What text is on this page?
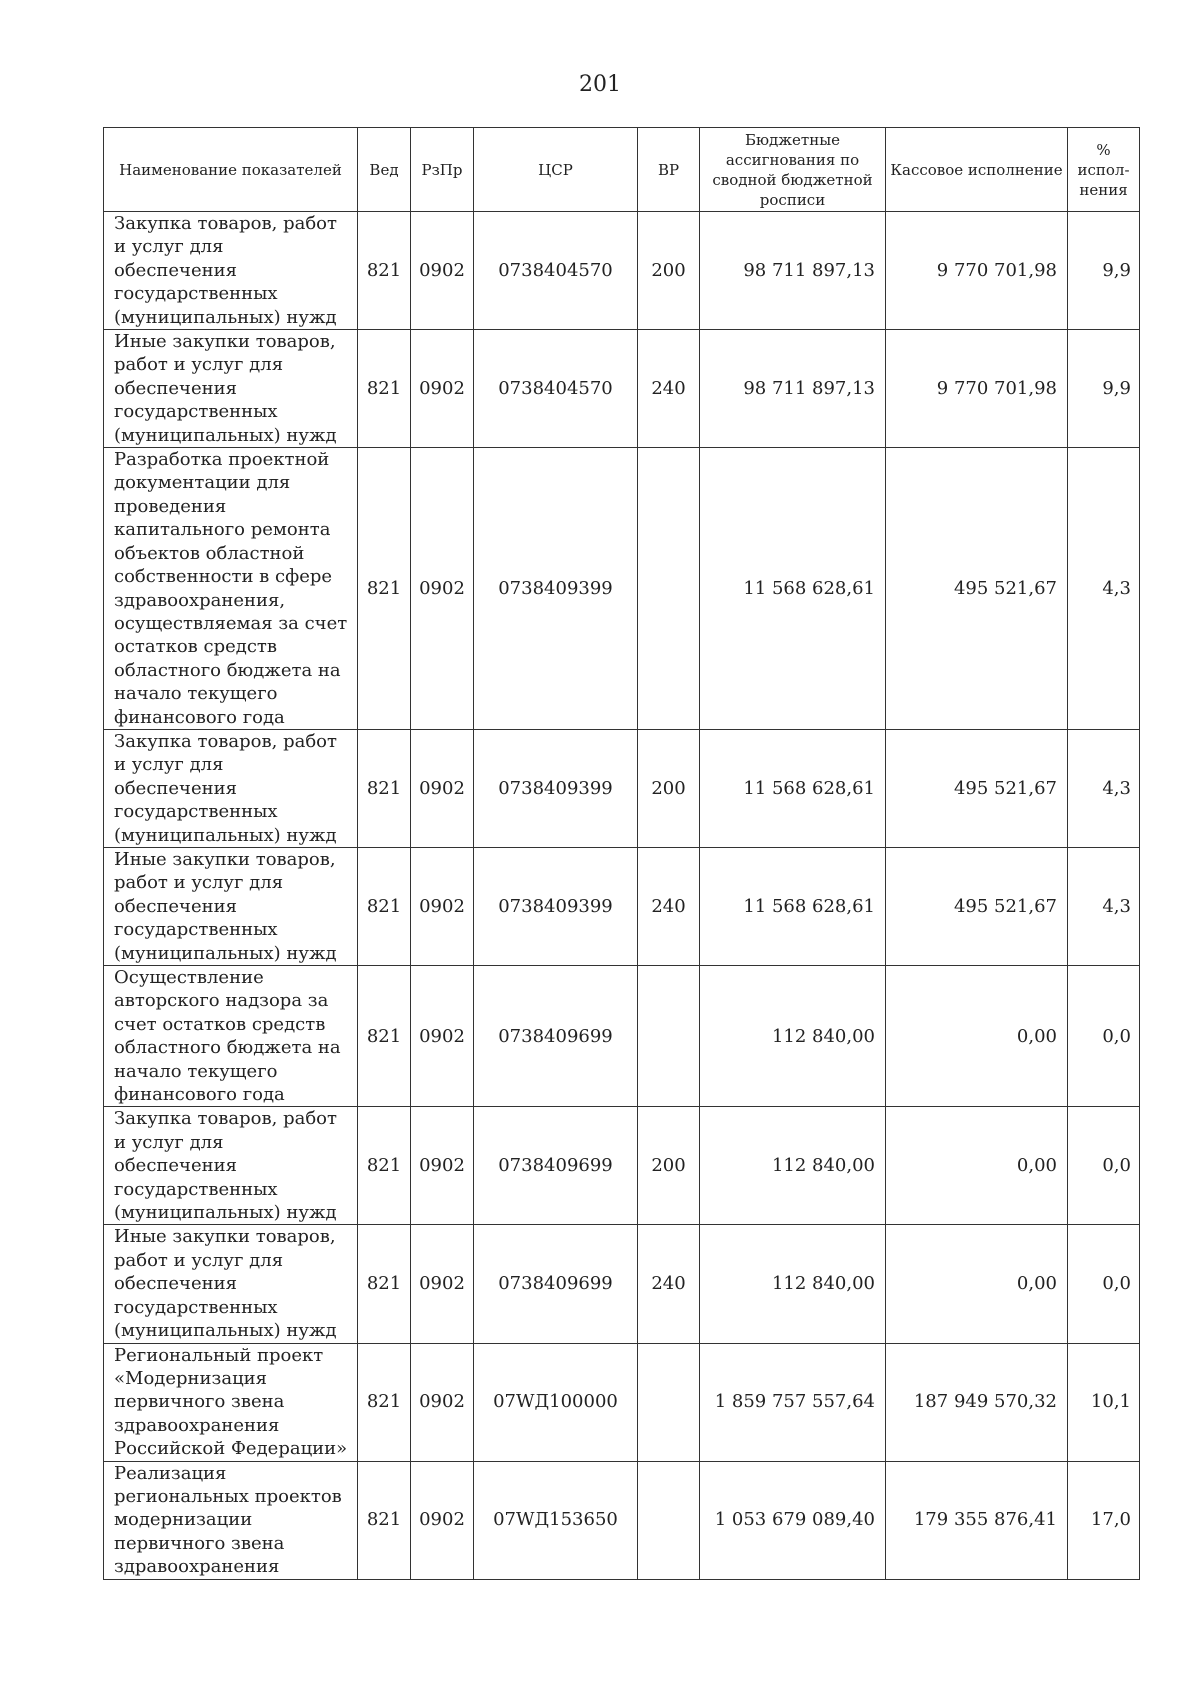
201
Наименование показателей	Вед	РзПр	ЦСР	ВР	Бюджетные ассигнования по сводной бюджетной росписи	Кассовое исполнение	% испол-нения
Закупка товаров, работ и услуг для обеспечения государственных (муниципальных) нужд	821	0902	0738404570	200	98 711 897,13	9 770 701,98	9,9
Иные закупки товаров, работ и услуг для обеспечения государственных (муниципальных) нужд	821	0902	0738404570	240	98 711 897,13	9 770 701,98	9,9
Разработка проектной документации для проведения капитального ремонта объектов областной собственности в сфере здравоохранения, осуществляемая за счет остатков средств областного бюджета на начало текущего финансового года	821	0902	0738409399		11 568 628,61	495 521,67	4,3
Закупка товаров, работ и услуг для обеспечения государственных (муниципальных) нужд	821	0902	0738409399	200	11 568 628,61	495 521,67	4,3
Иные закупки товаров, работ и услуг для обеспечения государственных (муниципальных) нужд	821	0902	0738409399	240	11 568 628,61	495 521,67	4,3
Осуществление авторского надзора за счет остатков средств областного бюджета на начало текущего финансового года	821	0902	0738409699		112 840,00	0,00	0,0
Закупка товаров, работ и услуг для обеспечения государственных (муниципальных) нужд	821	0902	0738409699	200	112 840,00	0,00	0,0
Иные закупки товаров, работ и услуг для обеспечения государственных (муниципальных) нужд	821	0902	0738409699	240	112 840,00	0,00	0,0
Региональный проект «Модернизация первичного звена здравоохранения Российской Федерации»	821	0902	07WД100000		1 859 757 557,64	187 949 570,32	10,1
Реализация региональных проектов модернизации первичного звена здравоохранения	821	0902	07WД153650		1 053 679 089,40	179 355 876,41	17,0
